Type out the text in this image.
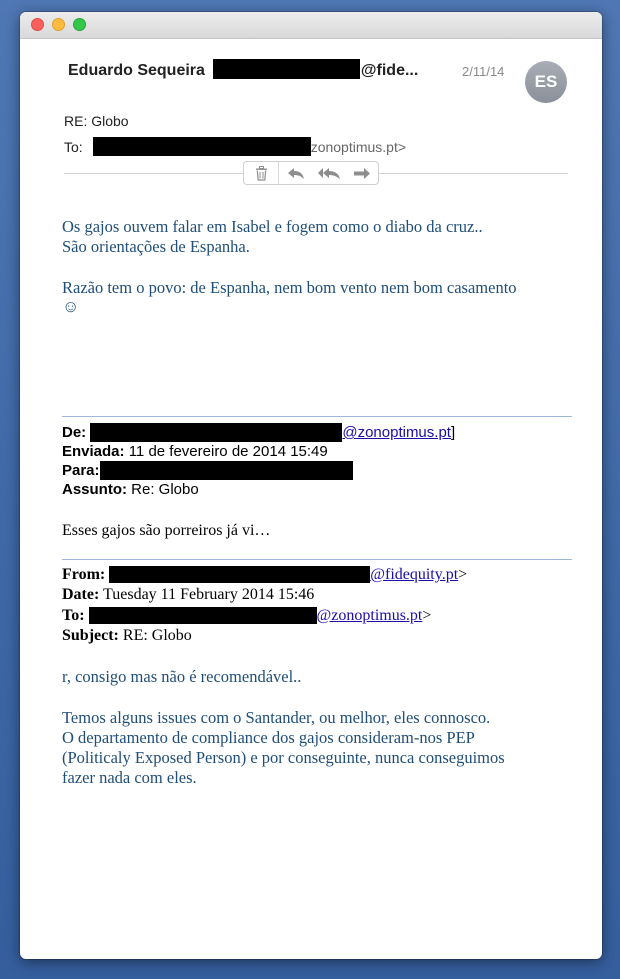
Eduardo Sequeira	@fide...	2/11/14
ES
RE: Globo
To:	zonoptimus.pt>
Os gajos ouvem falar em Isabel e fogem como o diabo da cruz..
São orientações de Espanha.
Razão tem o povo: de Espanha, nem bom vento nem bom casamento
☺
De:	@zonoptimus.pt]
Enviada: 11 de fevereiro de 2014 15:49
Para:
Assunto: Re: Globo
Esses gajos são porreiros já vi…
From:	@fidequity.pt>
Date: Tuesday 11 February 2014 15:46
To:	@zonoptimus.pt>
Subject: RE: Globo
r, consigo mas não é recomendável..
Temos alguns issues com o Santander, ou melhor, eles connosco.
O departamento de compliance dos gajos consideram-nos PEP
(Politicaly Exposed Person) e por conseguinte, nunca conseguimos
fazer nada com eles.
